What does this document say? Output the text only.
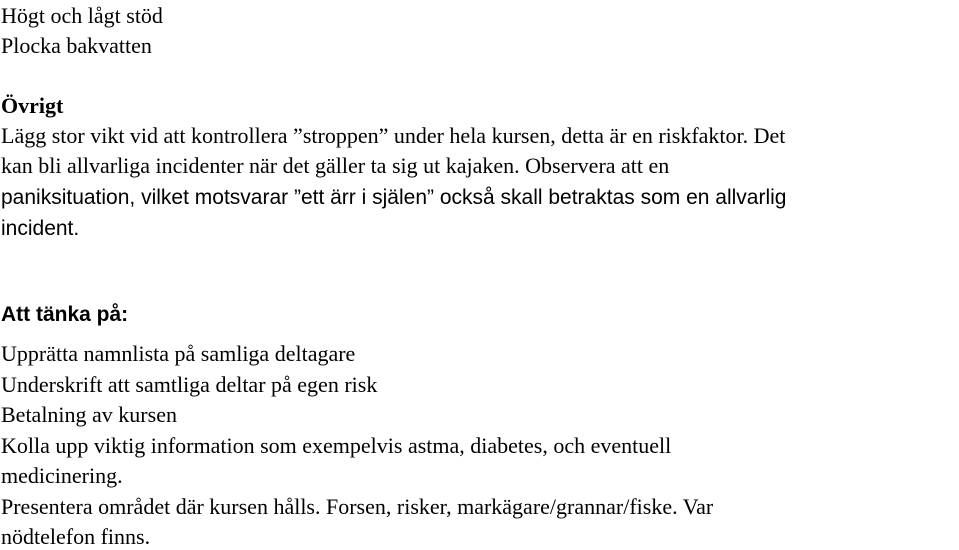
Högt och lågt stöd
Plocka bakvatten
Övrigt
Lägg stor vikt vid att kontrollera ”stroppen” under hela kursen, detta är en riskfaktor. Det
kan bli allvarliga incidenter när det gäller ta sig ut kajaken. Observera att en
paniksituation, vilket motsvarar ”ett ärr i själen” också skall betraktas som en allvarlig
incident.
Att tänka på:
Upprätta namnlista på samliga deltagare
Underskrift att samtliga deltar på egen risk
Betalning av kursen
Kolla upp viktig information som exempelvis astma, diabetes, och eventuell
medicinering.
Presentera området där kursen hålls. Forsen, risker, markägare/grannar/fiske. Var
nödtelefon finns.
